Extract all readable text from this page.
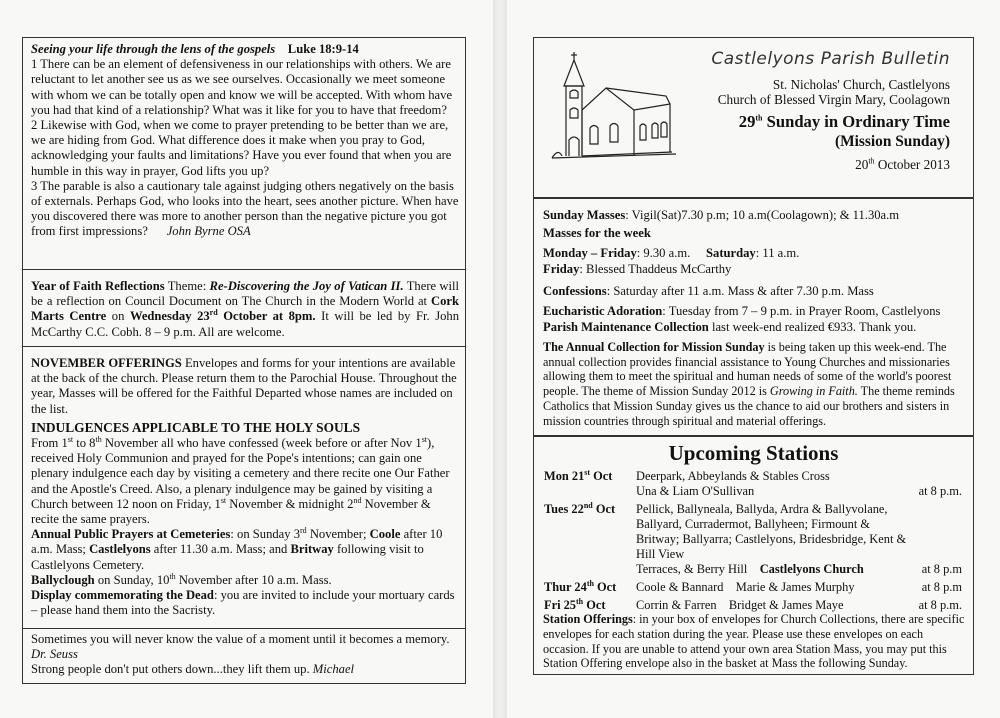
Seeing your life through the lens of the gospels Luke 18:9-14

1 There can be an element of defensiveness in our relationships with others. We are reluctant to let another see us as we see ourselves. Occasionally we meet someone with whom we can be totally open and know we will be accepted. With whom have you had that kind of a relationship? What was it like for you to have that freedom?

2 Likewise with God, when we come to prayer pretending to be better than we are, we are hiding from God. What difference does it make when you pray to God, acknowledging your faults and limitations? Have you ever found that when you are humble in this way in prayer, God lifts you up?

3 The parable is also a cautionary tale against judging others negatively on the basis of externals. Perhaps God, who looks into the heart, sees another picture. When have you discovered there was more to another person than the negative picture you got from first impressions? John Byrne OSA

Year of Faith Reflections Theme: Re-Discovering the Joy of Vatican II. There will be a reflection on Council Document on The Church in the Modern World at Cork Marts Centre on Wednesday 23rd October at 8pm. It will be led by Fr. John McCarthy C.C. Cobh. 8 – 9 p.m. All are welcome.

NOVEMBER OFFERINGS Envelopes and forms for your intentions are available at the back of the church. Please return them to the Parochial House. Throughout the year, Masses will be offered for the Faithful Departed whose names are included on the list.

INDULGENCES APPLICABLE TO THE HOLY SOULS

From 1st to 8th November all who have confessed (week before or after Nov 1st), received Holy Communion and prayed for the Pope's intentions; can gain one plenary indulgence each day by visiting a cemetery and there recite one Our Father and the Apostle's Creed. Also, a plenary indulgence may be gained by visiting a Church between 12 noon on Friday, 1st November & midnight 2nd November & recite the same prayers.

Annual Public Prayers at Cemeteries: on Sunday 3rd November; Coole after 10 a.m. Mass; Castlelyons after 11.30 a.m. Mass; and Britway following visit to Castlelyons Cemetery.

Ballyclough on Sunday, 10th November after 10 a.m. Mass.

Display commemorating the Dead: you are invited to include your mortuary cards – please hand them into the Sacristy.

Sometimes you will never know the value of a moment until it becomes a memory. Dr. Seuss

Strong people don't put others down...they lift them up. Michael

Castlelyons Parish Bulletin
St. Nicholas' Church, Castlelyons
Church of Blessed Virgin Mary, Coolagown
29th Sunday in Ordinary Time
(Mission Sunday)
20th October 2013

Sunday Masses: Vigil(Sat)7.30 p.m; 10 a.m(Coolagown); & 11.30a.m

Masses for the week

Monday – Friday: 9.30 a.m. Saturday: 11 a.m.

Friday: Blessed Thaddeus McCarthy

Confessions: Saturday after 11 a.m. Mass & after 7.30 p.m. Mass

Eucharistic Adoration: Tuesday from 7 – 9 p.m. in Prayer Room, Castlelyons

Parish Maintenance Collection last week-end realized €933. Thank you.

The Annual Collection for Mission Sunday is being taken up this week-end. The annual collection provides financial assistance to Young Churches and missionaries allowing them to meet the spiritual and human needs of some of the world's poorest people. The theme of Mission Sunday 2012 is Growing in Faith. The theme reminds Catholics that Mission Sunday gives us the chance to aid our brothers and sisters in mission countries through spiritual and material offerings.

Upcoming Stations
Mon 21st Oct	Deerpark, Abbeylands & Stables Cross
Una & Liam O'Sullivan	at 8 p.m.

Tues 22nd Oct	Pellick, Ballyneala, Ballyda, Ardra & Ballyvolane, Ballyard, Curradermot, Ballyheen; Firmount & Britway; Ballyarra; Castlelyons, Bridesbridge, Kent & Hill View
Terraces, & Berry Hill Castlelyons Church	at 8 p.m

Thur 24th Oct	Coole & Bannard    Marie & James Murphy	at 8 p.m

Fri 25th Oct	Corrin & Farren    Bridget & James Maye	at 8 p.m.

Station Offerings: in your box of envelopes for Church Collections, there are specific envelopes for each station during the year. Please use these envelopes on each occasion. If you are unable to attend your own area Station Mass, you may put this Station Offering envelope also in the basket at Mass the following Sunday.
